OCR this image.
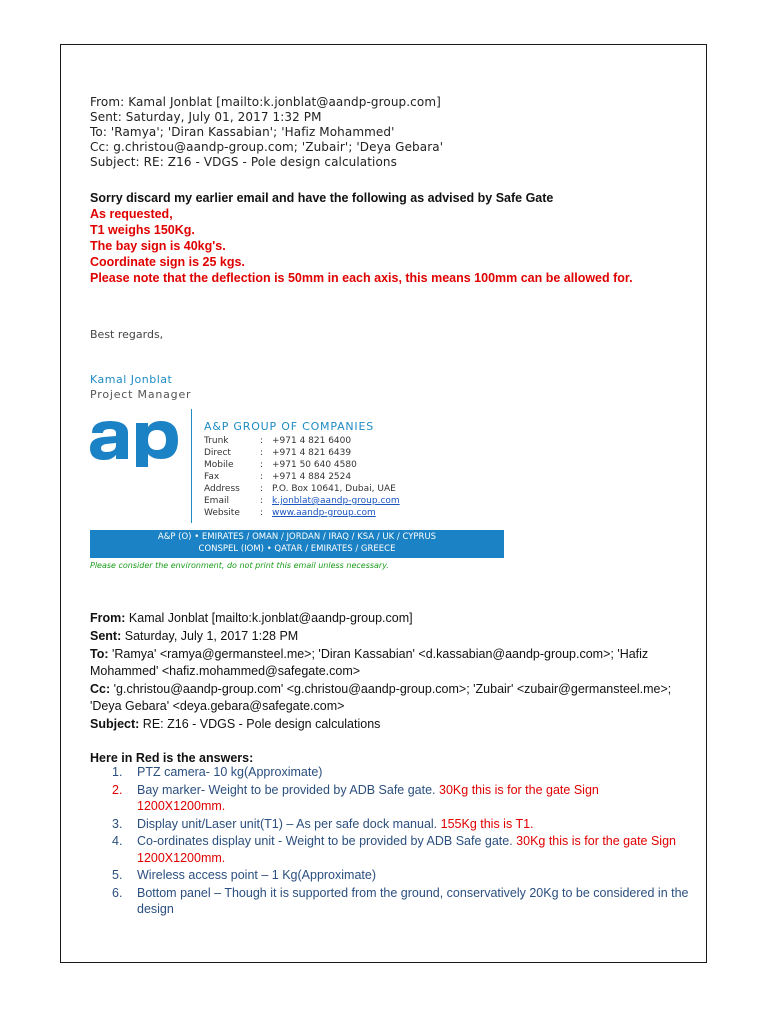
From: Kamal Jonblat [mailto:k.jonblat@aandp-group.com]
Sent: Saturday, July 01, 2017 1:32 PM
To: 'Ramya'; 'Diran Kassabian'; 'Hafiz Mohammed'
Cc: g.christou@aandp-group.com; 'Zubair'; 'Deya Gebara'
Subject: RE: Z16 - VDGS - Pole design calculations
Sorry discard my earlier email and have the following as advised by Safe Gate
As requested,
T1 weighs 150Kg.
The bay sign is 40kg's.
Coordinate sign is 25 kgs.
Please note that the deflection is 50mm in each axis, this means 100mm can be allowed for.
Best regards,
Kamal Jonblat
Project Manager
A&P GROUP OF COMPANIES
Trunk	: +971 4 821 6400
Direct	: +971 4 821 6439
Mobile	: +971 50 640 4580
Fax	: +971 4 884 2524
Address : P.O. Box 10641, Dubai, UAE
Email	: k.jonblat@aandp-group.com
Website : www.aandp-group.com
A&P (O) • EMIRATES / OMAN / JORDAN / IRAQ / KSA / UK / CYPRUS
CONSPEL (IOM) • QATAR / EMIRATES / GREECE
Please consider the environment, do not print this email unless necessary.
From: Kamal Jonblat [mailto:k.jonblat@aandp-group.com]
Sent: Saturday, July 1, 2017 1:28 PM
To: 'Ramya' <ramya@germansteel.me>; 'Diran Kassabian' <d.kassabian@aandp-group.com>; 'Hafiz Mohammed' <hafiz.mohammed@safegate.com>
Cc: 'g.christou@aandp-group.com' <g.christou@aandp-group.com>; 'Zubair' <zubair@germansteel.me>; 'Deya Gebara' <deya.gebara@safegate.com>
Subject: RE: Z16 - VDGS - Pole design calculations
Here in Red is the answers:
1. PTZ camera- 10 kg(Approximate)
2. Bay marker- Weight to be provided by ADB Safe gate. 30Kg this is for the gate Sign 1200X1200mm.
3. Display unit/Laser unit(T1) – As per safe dock manual. 155Kg this is T1.
4. Co-ordinates display unit - Weight to be provided by ADB Safe gate. 30Kg this is for the gate Sign 1200X1200mm.
5. Wireless access point – 1 Kg(Approximate)
6. Bottom panel – Though it is supported from the ground, conservatively 20Kg to be considered in the design
